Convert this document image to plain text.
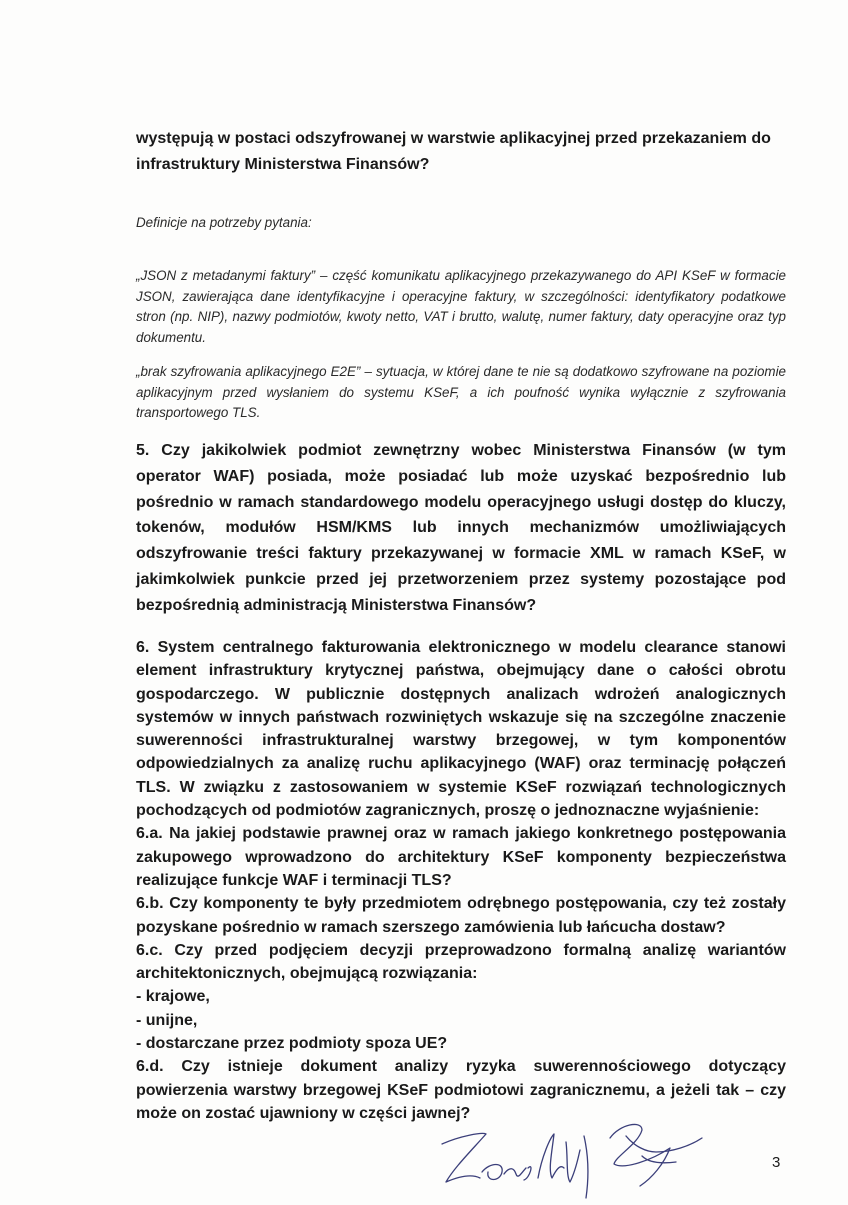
występują w postaci odszyfrowanej w warstwie aplikacyjnej przed przekazaniem do infrastruktury Ministerstwa Finansów?

Definicje na potrzeby pytania:

„JSON z metadanymi faktury” – część komunikatu aplikacyjnego przekazywanego do API KSeF w formacie JSON, zawierająca dane identyfikacyjne i operacyjne faktury, w szczególności: identyfikatory podatkowe stron (np. NIP), nazwy podmiotów, kwoty netto, VAT i brutto, walutę, numer faktury, daty operacyjne oraz typ dokumentu.

„brak szyfrowania aplikacyjnego E2E” – sytuacja, w której dane te nie są dodatkowo szyfrowane na poziomie aplikacyjnym przed wysłaniem do systemu KSeF, a ich poufność wynika wyłącznie z szyfrowania transportowego TLS.

5. Czy jakikolwiek podmiot zewnętrzny wobec Ministerstwa Finansów (w tym operator WAF) posiada, może posiadać lub może uzyskać bezpośrednio lub pośrednio w ramach standardowego modelu operacyjnego usługi dostęp do kluczy, tokenów, modułów HSM/KMS lub innych mechanizmów umożliwiających odszyfrowanie treści faktury przekazywanej w formacie XML w ramach KSeF, w jakimkolwiek punkcie przed jej przetworzeniem przez systemy pozostające pod bezpośrednią administracją Ministerstwa Finansów?

6. System centralnego fakturowania elektronicznego w modelu clearance stanowi element infrastruktury krytycznej państwa, obejmujący dane o całości obrotu gospodarczego. W publicznie dostępnych analizach wdrożeń analogicznych systemów w innych państwach rozwiniętych wskazuje się na szczególne znaczenie suwerenności infrastrukturalnej warstwy brzegowej, w tym komponentów odpowiedzialnych za analizę ruchu aplikacyjnego (WAF) oraz terminację połączeń TLS. W związku z zastosowaniem w systemie KSeF rozwiązań technologicznych pochodzących od podmiotów zagranicznych, proszę o jednoznaczne wyjaśnienie:

6.a. Na jakiej podstawie prawnej oraz w ramach jakiego konkretnego postępowania zakupowego wprowadzono do architektury KSeF komponenty bezpieczeństwa realizujące funkcje WAF i terminacji TLS?

6.b. Czy komponenty te były przedmiotem odrębnego postępowania, czy też zostały pozyskane pośrednio w ramach szerszego zamówienia lub łańcucha dostaw?

6.c. Czy przed podjęciem decyzji przeprowadzono formalną analizę wariantów architektonicznych, obejmującą rozwiązania:

- krajowe,

- unijne,

- dostarczane przez podmioty spoza UE?

6.d. Czy istnieje dokument analizy ryzyka suwerennościowego dotyczący powierzenia warstwy brzegowej KSeF podmiotowi zagranicznemu, a jeżeli tak – czy może on zostać ujawniony w części jawnej?

3
